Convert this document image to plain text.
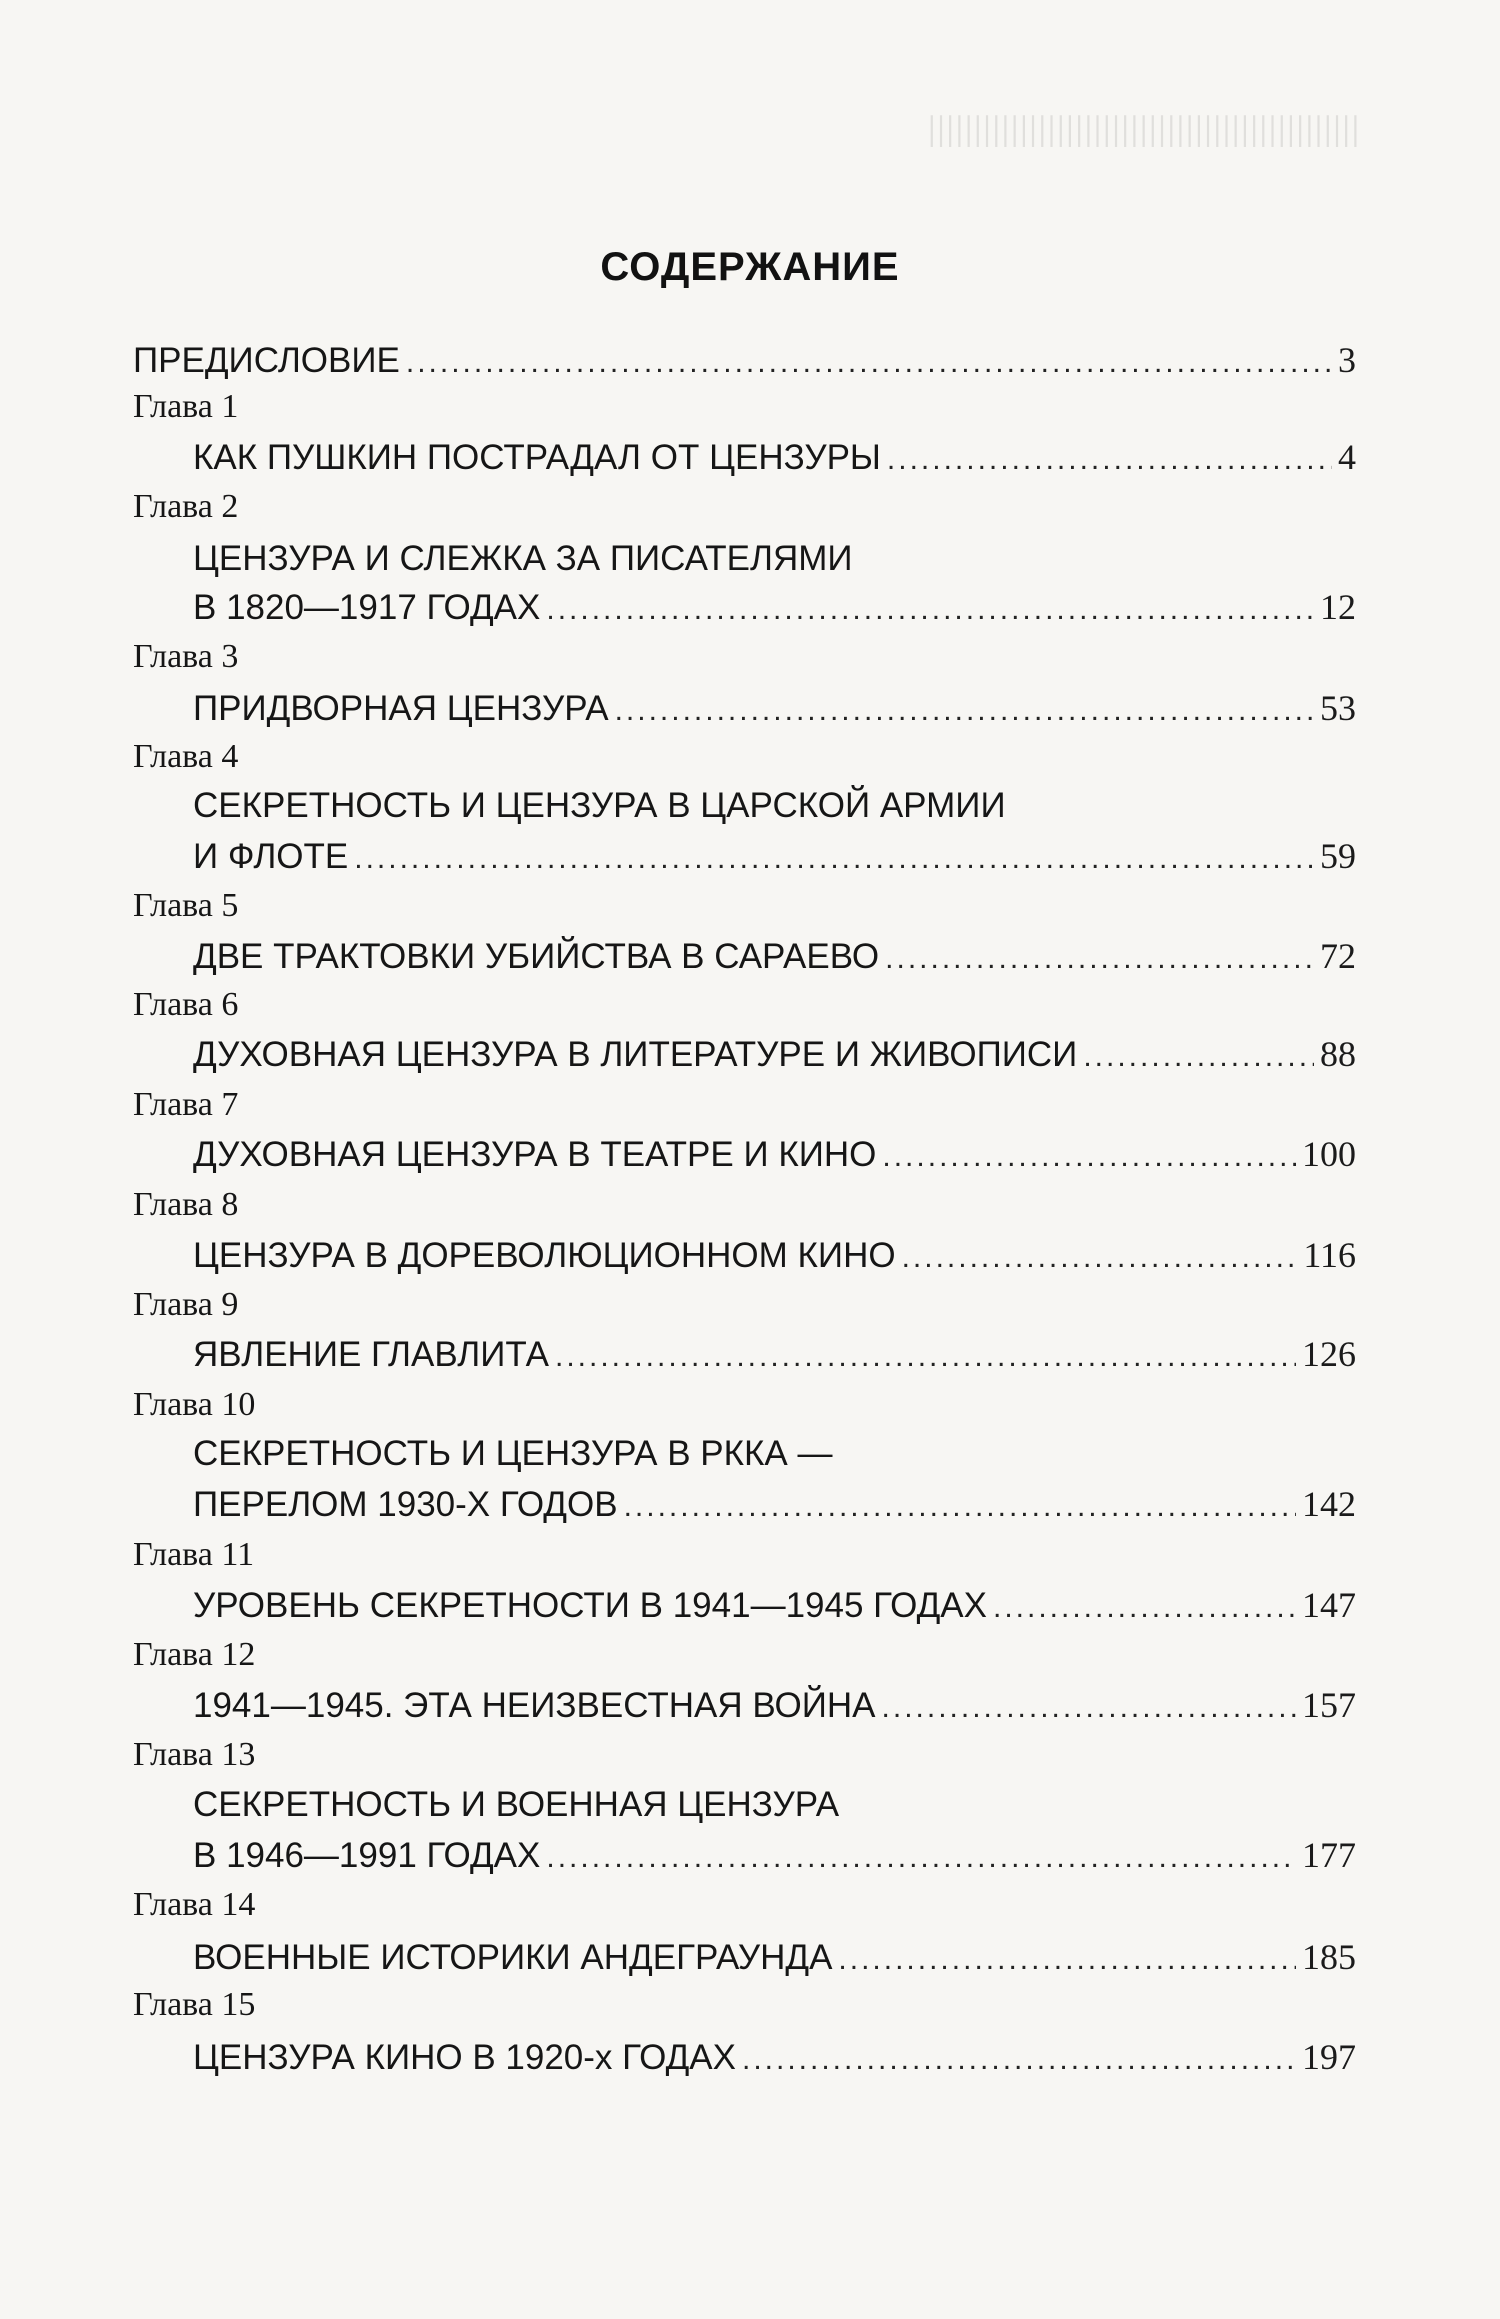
ǀǀǀǀǀǀǀǀǀǀǀǀǀǀǀǀǀǀǀǀǀǀǀǀǀǀǀǀǀǀǀǀǀǀǀǀǀǀǀǀǀǀǀǀǀǀǀ
СОДЕРЖАНИЕ
ПРЕДИСЛОВИЕ .....	3
Глава 1
КАК ПУШКИН ПОСТРАДАЛ ОТ ЦЕНЗУРЫ .....	4
Глава 2
ЦЕНЗУРА И СЛЕЖКА ЗА ПИСАТЕЛЯМИ
В 1820—1917 ГОДАХ .....	12
Глава 3
ПРИДВОРНАЯ ЦЕНЗУРА .....	53
Глава 4
СЕКРЕТНОСТЬ И ЦЕНЗУРА В ЦАРСКОЙ АРМИИ
И ФЛОТЕ .....	59
Глава 5
ДВЕ ТРАКТОВКИ УБИЙСТВА В САРАЕВО .....	72
Глава 6
ДУХОВНАЯ ЦЕНЗУРА В ЛИТЕРАТУРЕ И ЖИВОПИСИ .....	88
Глава 7
ДУХОВНАЯ ЦЕНЗУРА В ТЕАТРЕ И КИНО .....	100
Глава 8
ЦЕНЗУРА В ДОРЕВОЛЮЦИОННОМ КИНО .....	116
Глава 9
ЯВЛЕНИЕ ГЛАВЛИТА .....	126
Глава 10
СЕКРЕТНОСТЬ И ЦЕНЗУРА В РККА —
ПЕРЕЛОМ 1930-Х ГОДОВ .....	142
Глава 11
УРОВЕНЬ СЕКРЕТНОСТИ В 1941—1945 ГОДАХ .....	147
Глава 12
1941—1945. ЭТА НЕИЗВЕСТНАЯ ВОЙНА .....	157
Глава 13
СЕКРЕТНОСТЬ И ВОЕННАЯ ЦЕНЗУРА
В 1946—1991 ГОДАХ .....	177
Глава 14
ВОЕННЫЕ ИСТОРИКИ АНДЕГРАУНДА .....	185
Глава 15
ЦЕНЗУРА КИНО В 1920-х ГОДАХ .....	197
